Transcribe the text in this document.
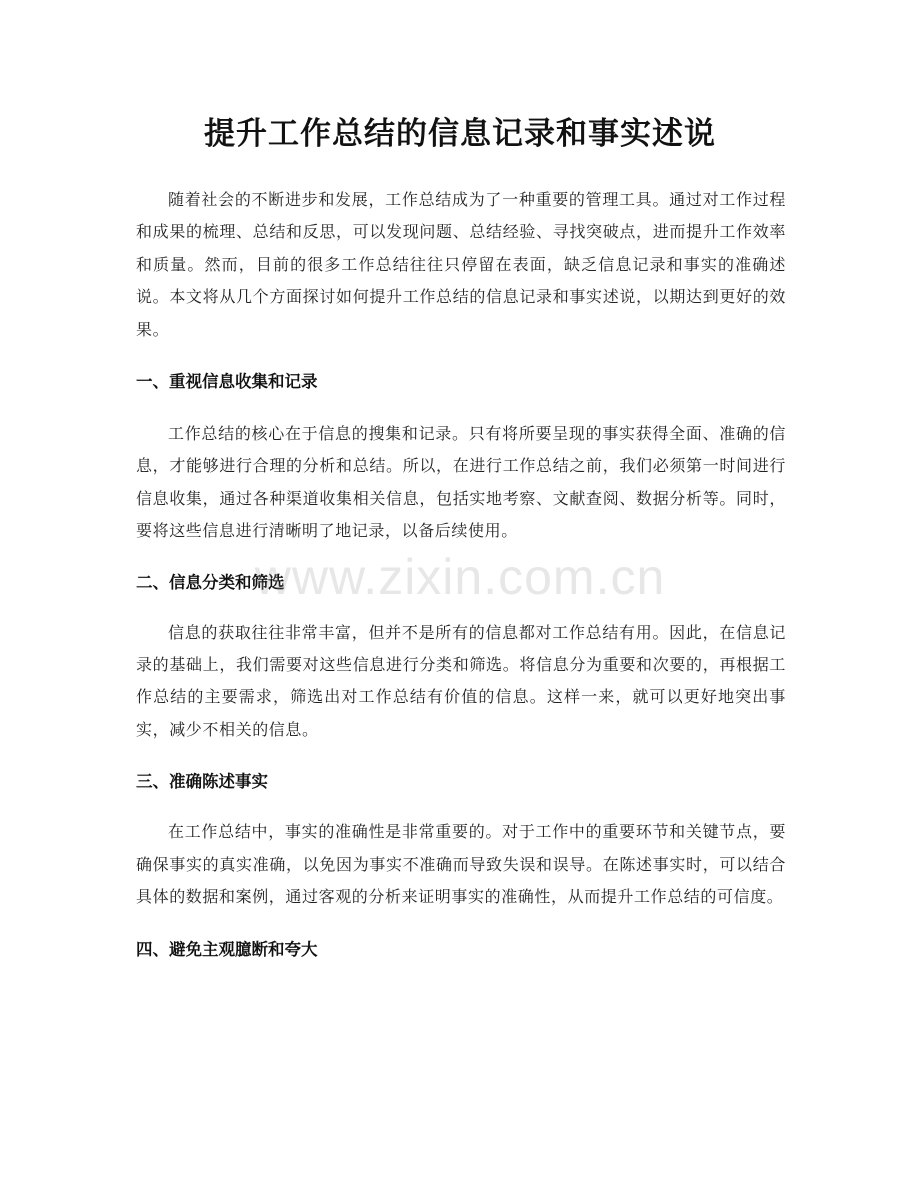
提升工作总结的信息记录和事实述说

随着社会的不断进步和发展，工作总结成为了一种重要的管理工具。通过对工作过程和成果的梳理、总结和反思，可以发现问题、总结经验、寻找突破点，进而提升工作效率和质量。然而，目前的很多工作总结往往只停留在表面，缺乏信息记录和事实的准确述说。本文将从几个方面探讨如何提升工作总结的信息记录和事实述说，以期达到更好的效果。

一、重视信息收集和记录

工作总结的核心在于信息的搜集和记录。只有将所要呈现的事实获得全面、准确的信息，才能够进行合理的分析和总结。所以，在进行工作总结之前，我们必须第一时间进行信息收集，通过各种渠道收集相关信息，包括实地考察、文献查阅、数据分析等。同时，要将这些信息进行清晰明了地记录，以备后续使用。

二、信息分类和筛选

信息的获取往往非常丰富，但并不是所有的信息都对工作总结有用。因此，在信息记录的基础上，我们需要对这些信息进行分类和筛选。将信息分为重要和次要的，再根据工作总结的主要需求，筛选出对工作总结有价值的信息。这样一来，就可以更好地突出事实，减少不相关的信息。

三、准确陈述事实

在工作总结中，事实的准确性是非常重要的。对于工作中的重要环节和关键节点，要确保事实的真实准确，以免因为事实不准确而导致失误和误导。在陈述事实时，可以结合具体的数据和案例，通过客观的分析来证明事实的准确性，从而提升工作总结的可信度。

四、避免主观臆断和夸大
www.zixin.com.cn
